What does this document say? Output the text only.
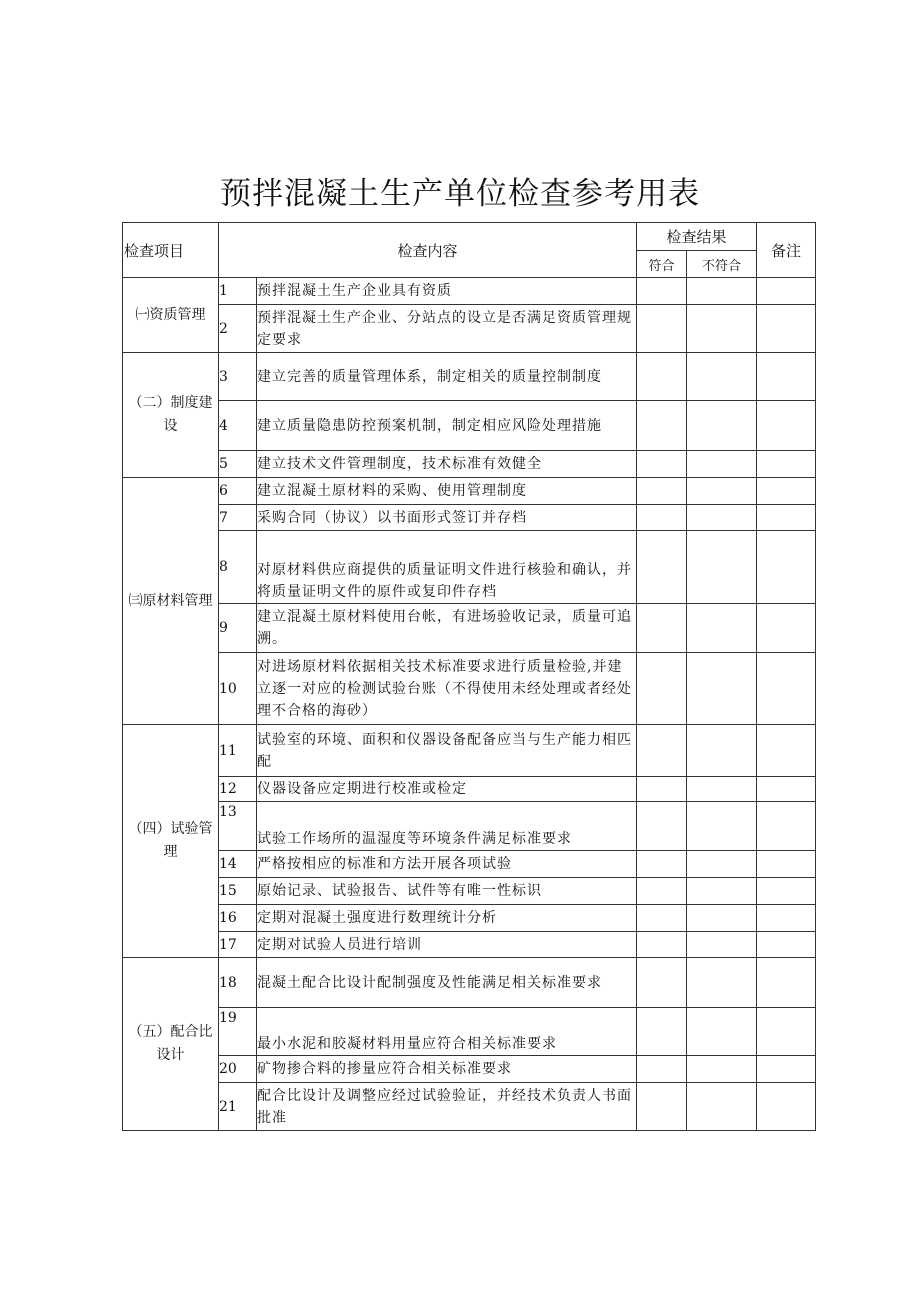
预拌混凝土生产单位检查参考用表
检查项目	检查内容		检查结果		备注
			符合	不符合	
㈠资质管理	1	预拌混凝土生产企业具有资质			
	2	预拌混凝土生产企业、分站点的设立是否满足资质管理规定要求			
（二）制度建设	3	建立完善的质量管理体系，制定相关的质量控制制度			
	4	建立质量隐患防控预案机制，制定相应风险处理措施			
	5	建立技术文件管理制度，技术标准有效健全			
㈢原材料管理	6	建立混凝土原材料的采购、使用管理制度			
	7	采购合同（协议）以书面形式签订并存档			
	8	对原材料供应商提供的质量证明文件进行核验和确认，并将质量证明文件的原件或复印件存档			
	9	建立混凝土原材料使用台帐，有进场验收记录，质量可追溯。			
	10	对进场原材料依据相关技术标准要求进行质量检验,并建立逐一对应的检测试验台账（不得使用未经处理或者经处理不合格的海砂）			
（四）试验管理	11	试验室的环境、面积和仪器设备配备应当与生产能力相匹配			
	12	仪器设备应定期进行校准或检定			
	13	试验工作场所的温湿度等环境条件满足标准要求			
	14	严格按相应的标准和方法开展各项试验			
	15	原始记录、试验报告、试件等有唯一性标识			
	16	定期对混凝土强度进行数理统计分析			
	17	定期对试验人员进行培训			
（五）配合比设计	18	混凝土配合比设计配制强度及性能满足相关标准要求			
	19	最小水泥和胶凝材料用量应符合相关标准要求			
	20	矿物掺合料的掺量应符合相关标准要求			
	21	配合比设计及调整应经过试验验证，并经技术负责人书面批准			
